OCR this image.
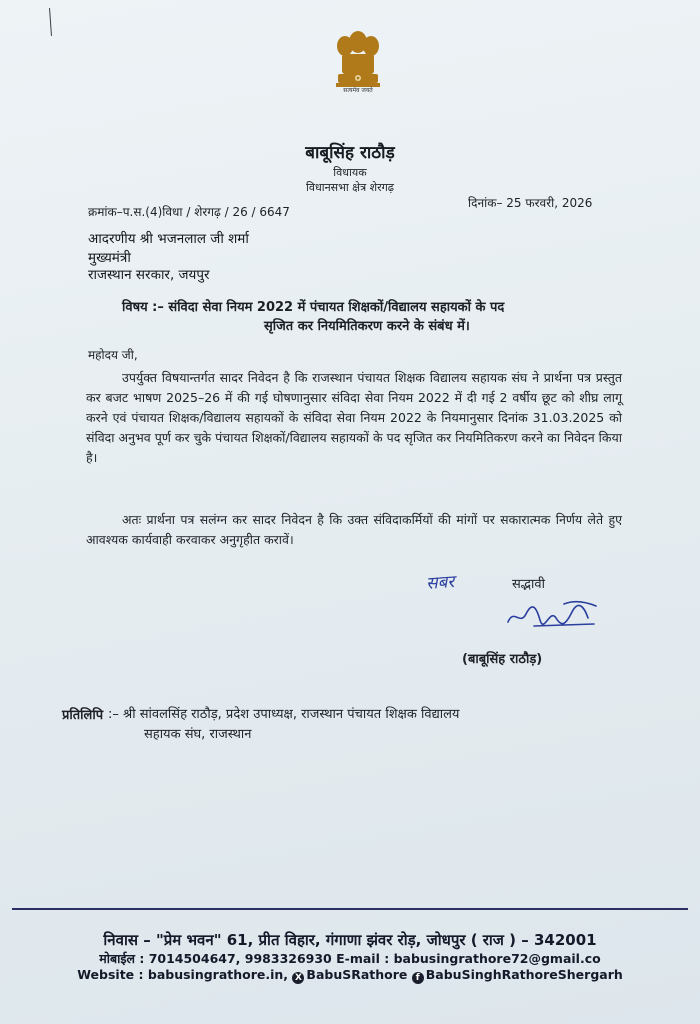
सत्यमेव जयते
बाबूसिंह राठौड़
विधायक
विधानसभा क्षेत्र शेरगढ़
क्रमांक–प.स.(4)विधा / शेरगढ़ / 26 / 6647
दिनांक– 25 फरवरी, 2026
आदरणीय श्री भजनलाल जी शर्मा
मुख्यमंत्री
राजस्थान सरकार, जयपुर
विषय :– संविदा सेवा नियम 2022 में पंचायत शिक्षकों/विद्यालय सहायकों के पद
सृजित कर नियमितिकरण करने के संबंध में।
महोदय जी,
उपर्युक्त विषयान्तर्गत सादर निवेदन है कि राजस्थान पंचायत शिक्षक विद्यालय सहायक संघ ने प्रार्थना पत्र प्रस्तुत कर बजट भाषण 2025–26 में की गई घोषणानुसार संविदा सेवा नियम 2022 में दी गई 2 वर्षीय छूट को शीघ्र लागू करने एवं पंचायत शिक्षक/विद्यालय सहायकों के संविदा सेवा नियम 2022 के नियमानुसार दिनांक 31.03.2025 को संविदा अनुभव पूर्ण कर चुके पंचायत शिक्षकों/विद्यालय सहायकों के पद सृजित कर नियमितिकरण करने का निवेदन किया है।
अतः प्रार्थना पत्र सलंग्न कर सादर निवेदन है कि उक्त संविदाकर्मियों की मांगों पर सकारात्मक निर्णय लेते हुए आवश्यक कार्यवाही करवाकर अनुगृहीत करावें।
सबर	सद्भावी
(बाबूसिंह राठौड़)
प्रतिलिपि :– श्री सांवलसिंह राठौड़, प्रदेश उपाध्यक्ष, राजस्थान पंचायत शिक्षक विद्यालय
सहायक संघ, राजस्थान
निवास – "प्रेम भवन" 61, प्रीत विहार, गंगाणा झंवर रोड़, जोधपुर ( राज ) – 342001
मोबाईल : 7014504647, 9983326930 E-mail : babusingrathore72@gmail.co
Website : babusingrathore.in, X BabuSRathore f BabuSinghRathoreShergarh
